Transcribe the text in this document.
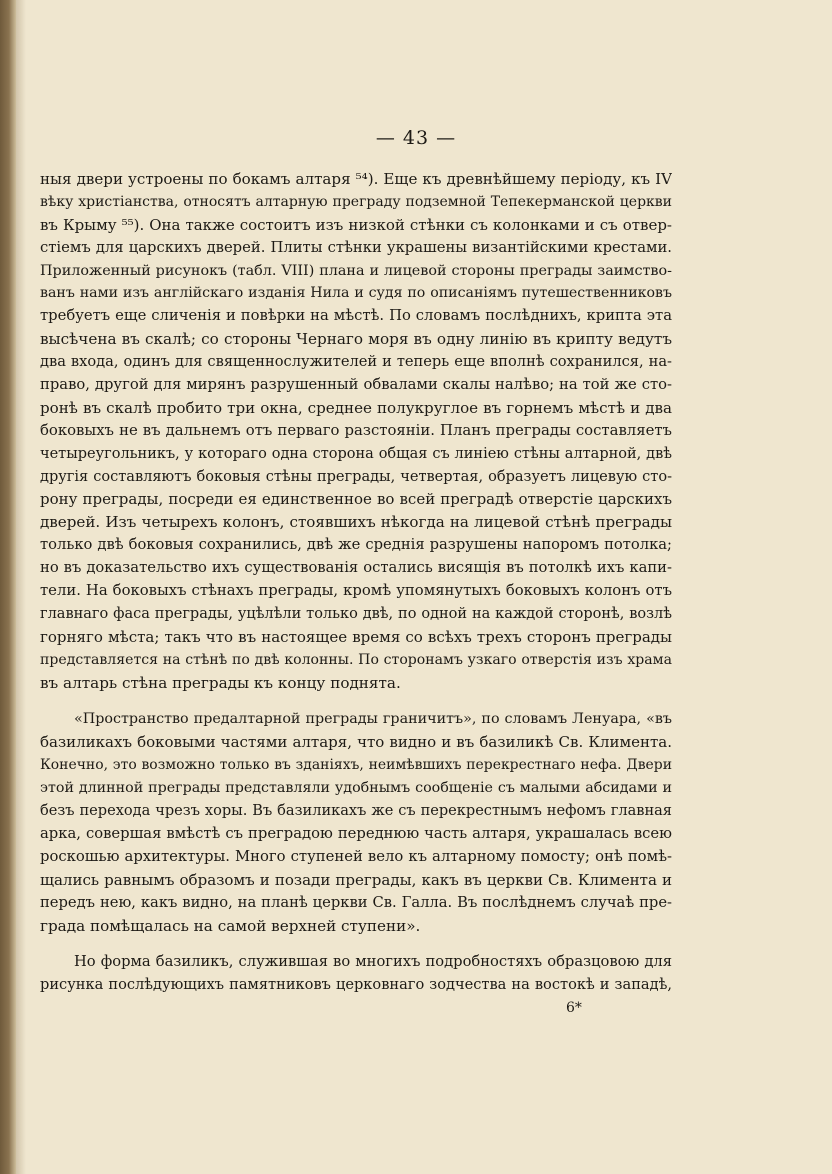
— 43 —
ныя двери устроены по бокамъ алтаря ⁵⁴). Еще къ древнѣйшему періоду, къ IV
вѣку христіанства, относятъ алтарную преграду подземной Тепекерманской церкви
въ Крыму ⁵⁵). Она также состоитъ изъ низкой стѣнки съ колонками и съ отвер-
стіемъ для царскихъ дверей. Плиты стѣнки украшены византійскими крестами.
Приложенный рисунокъ (табл. VIII) плана и лицевой стороны преграды заимство-
ванъ нами изъ англійскаго изданія Нила и судя по описаніямъ путешественниковъ
требуетъ еще сличенія и повѣрки на мѣстѣ. По словамъ послѣднихъ, крипта эта
высѣчена въ скалѣ; со стороны Чернаго моря въ одну линію въ крипту ведутъ
два входа, одинъ для священнослужителей и теперь еще вполнѣ сохранился, на-
право, другой для мирянъ разрушенный обвалами скалы налѣво; на той же сто-
ронѣ въ скалѣ пробито три окна, среднее полукруглое въ горнемъ мѣстѣ и два
боковыхъ не въ дальнемъ отъ перваго разстояніи. Планъ преграды составляетъ
четыреугольникъ, у котораго одна сторона общая съ линіею стѣны алтарной, двѣ
другія составляютъ боковыя стѣны преграды, четвертая, образуетъ лицевую сто-
рону преграды, посреди ея единственное во всей преградѣ отверстіе царскихъ
дверей. Изъ четырехъ колонъ, стоявшихъ нѣкогда на лицевой стѣнѣ преграды
только двѣ боковыя сохранились, двѣ же среднія разрушены напоромъ потолка;
но въ доказательство ихъ существованія остались висящія въ потолкѣ ихъ капи-
тели. На боковыхъ стѣнахъ преграды, кромѣ упомянутыхъ боковыхъ колонъ отъ
главнаго фаса преграды, уцѣлѣли только двѣ, по одной на каждой сторонѣ, возлѣ
горняго мѣста; такъ что въ настоящее время со всѣхъ трехъ сторонъ преграды
представляется на стѣнѣ по двѣ колонны. По сторонамъ узкаго отверстія изъ храма
въ алтарь стѣна преграды къ концу поднята.
«Пространство предалтарной преграды граничитъ», по словамъ Ленуара, «въ
базиликахъ боковыми частями алтаря, что видно и въ базиликѣ Св. Климента.
Конечно, это возможно только въ зданіяхъ, неимѣвшихъ перекрестнаго нефа. Двери
этой длинной преграды представляли удобнымъ сообщеніе съ малыми абсидами и
безъ перехода чрезъ хоры. Въ базиликахъ же съ перекрестнымъ нефомъ главная
арка, совершая вмѣстѣ съ преградою переднюю часть алтаря, украшалась всею
роскошью архитектуры. Много ступеней вело къ алтарному помосту; онѣ помѣ-
щались равнымъ образомъ и позади преграды, какъ въ церкви Св. Климента и
передъ нею, какъ видно, на планѣ церкви Св. Галла. Въ послѣднемъ случаѣ пре-
града помѣщалась на самой верхней ступени».
Но форма базиликъ, служившая во многихъ подробностяхъ образцовою для
рисунка послѣдующихъ памятниковъ церковнаго зодчества на востокѣ и западѣ,
6*
